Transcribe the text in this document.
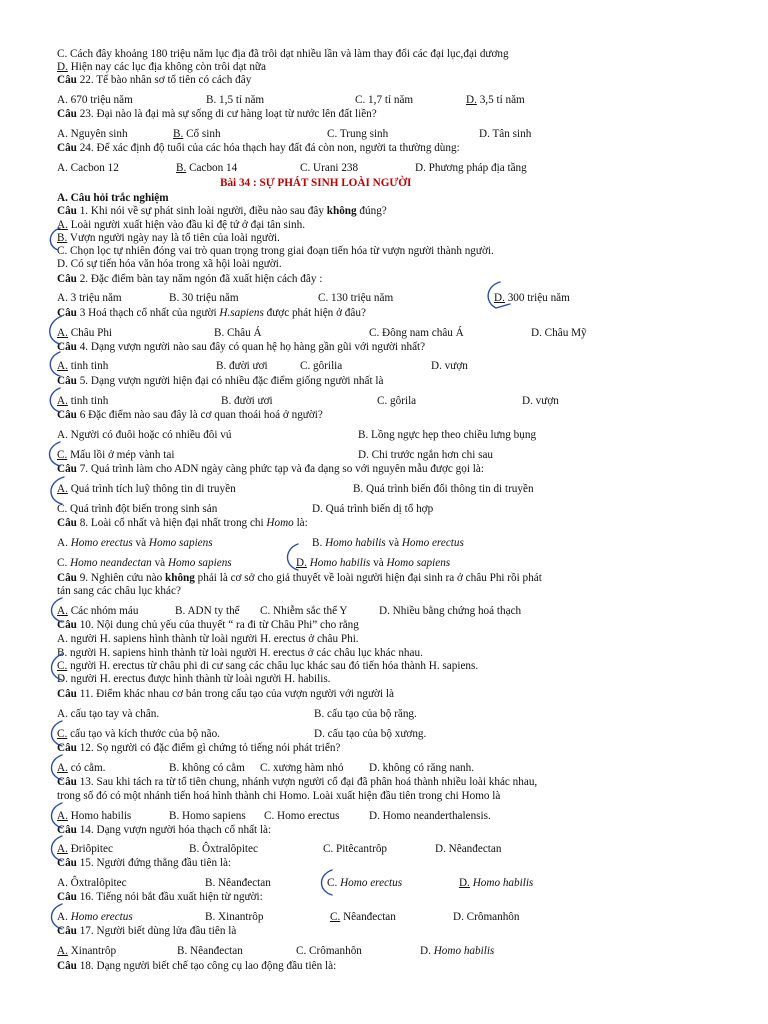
C. Cách đây khoảng 180 triệu năm lục địa đã trôi dạt nhiều lần và làm thay đổi các đại lục,đại dương
D. Hiện nay các lục địa không còn trôi dạt nữa
Câu 22. Tế bào nhân sơ tổ tiên có cách đây
A. 670 triệu năm	B. 1,5 tỉ năm	C. 1,7 tỉ năm	D. 3,5 tỉ năm
Câu 23. Đại nào là đại mà sự sống di cư hàng loạt từ nước lên đất liền?
A. Nguyên sinh	B. Cổ sinh	C. Trung sinh	D. Tân sinh
Câu 24. Để xác định độ tuổi của các hóa thạch hay đất đá còn non, người ta thường dùng:
A. Cacbon 12	B. Cacbon 14	C. Urani 238	D. Phương pháp địa tầng
Bài 34 : SỰ PHÁT SINH LOÀI NGƯỜI
A. Câu hỏi trắc nghiệm
Câu 1. Khi nói về sự phát sinh loài người, điều nào sau đây không đúng?
A. Loài người xuất hiện vào đầu kỉ đệ tứ ở đại tân sinh.
B. Vượn người ngày nay là tổ tiên của loài người.
C. Chọn lọc tự nhiên đóng vai trò quan trọng trong giai đoạn tiến hóa từ vượn người thành người.
D. Có sự tiến hóa văn hóa trong xã hội loài người.
Câu 2. Đặc điểm bàn tay năm ngón đã xuất hiện cách đây :
A. 3 triệu năm	B. 30 triệu năm	C. 130 triệu năm	D. 300 triệu năm
Câu 3 Hoá thạch cổ nhất của người H.sapiens được phát hiện ở đâu?
A. Châu Phi	B. Châu Á	C. Đông nam châu Á	D. Châu Mỹ
Câu 4. Dạng vượn người nào sau đây có quan hệ họ hàng gần gũi với người nhất?
A. tinh tinh	B. đười ươi	C. gôrilia	D. vượn
Câu 5. Dạng vượn người hiện đại có nhiều đặc điểm giống người nhất là
A. tinh tinh	B. đười ươi	C. gôrila	D. vượn
Câu 6 Đặc điểm nào sau đây là cơ quan thoái hoá ở người?
A. Người có đuôi hoặc có nhiều đôi vú	B. Lồng ngực hẹp theo chiều lưng bụng
C. Mấu lồi ở mép vành tai	D. Chi trước ngắn hơn chi sau
Câu 7. Quá trình làm cho ADN ngày càng phức tạp và đa dạng so với nguyên mẫu được gọi là:
A. Quá trình tích luỹ thông tin di truyền	B. Quá trình biến đổi thông tin di truyền
C. Quá trình đột biến trong sinh sản	D. Quá trình biến dị tổ hợp
Câu 8. Loài cổ nhất và hiện đại nhất trong chi Homo là:
A. Homo erectus và Homo sapiens	B. Homo habilis và Homo erectus
C. Homo neandectan và Homo sapiens	D. Homo habilis và Homo sapiens
Câu 9. Nghiên cứu nào không phải là cơ sở cho giả thuyết về loài người hiện đại sinh ra ở châu Phi rồi phát
tán sang các châu lục khác?
A. Các nhóm máu	B. ADN ty thể C. Nhiễm sắc thể Y	D. Nhiều bằng chứng hoá thạch
Câu 10. Nội dung chủ yếu của thuyết “ ra đi từ Châu Phi” cho rằng
A. người H. sapiens hình thành từ loài người H. erectus ở châu Phi.
B. người H. sapiens hình thành từ loài người H. erectus ở các châu lục khác nhau.
C. người H. erectus từ châu phi di cư sang các châu lục khác sau đó tiến hóa thành H. sapiens.
D. người H. erectus được hình thành từ loài người H. habilis.
Câu 11. Điểm khác nhau cơ bản trong cấu tạo của vượn người với người là
A. cấu tạo tay và chân.	B. cấu tạo của bộ răng.
C. cấu tạo và kích thước của bộ não.	D. cấu tạo của bộ xương.
Câu 12. Sọ người có đặc điểm gì chứng tỏ tiếng nói phát triển?
A. có cằm.	B. không có cằm C. xương hàm nhỏ D. không có răng nanh.
Câu 13. Sau khi tách ra từ tổ tiên chung, nhánh vượn người cổ đại đã phân hoá thành nhiều loài khác nhau,
trong số đó có một nhánh tiến hoá hình thành chi Homo. Loài xuất hiện đầu tiên trong chi Homo là
A. Homo habilis	B. Homo sapiens C. Homo erectus	D. Homo neanderthalensis.
Câu 14. Dạng vượn người hóa thạch cổ nhất là:
A. Đriôpitec	B. Ôxtralôpitec	C. Pitêcantrôp	D. Nêanđectan
Câu 15. Người đứng thẳng đầu tiên là:
A. Ôxtralôpitec	B. Nêanđectan	C. Homo erectus	D. Homo habilis
Câu 16. Tiếng nói bắt đầu xuất hiện từ người:
A. Homo erectus	B. Xinantrôp	C. Nêanđectan	D. Crômanhôn
Câu 17. Người biết dùng lửa đầu tiên là
A. Xinantrôp	B. Nêanđectan	C. Crômanhôn	D. Homo habilis
Câu 18. Dạng người biết chế tạo công cụ lao động đầu tiên là:
